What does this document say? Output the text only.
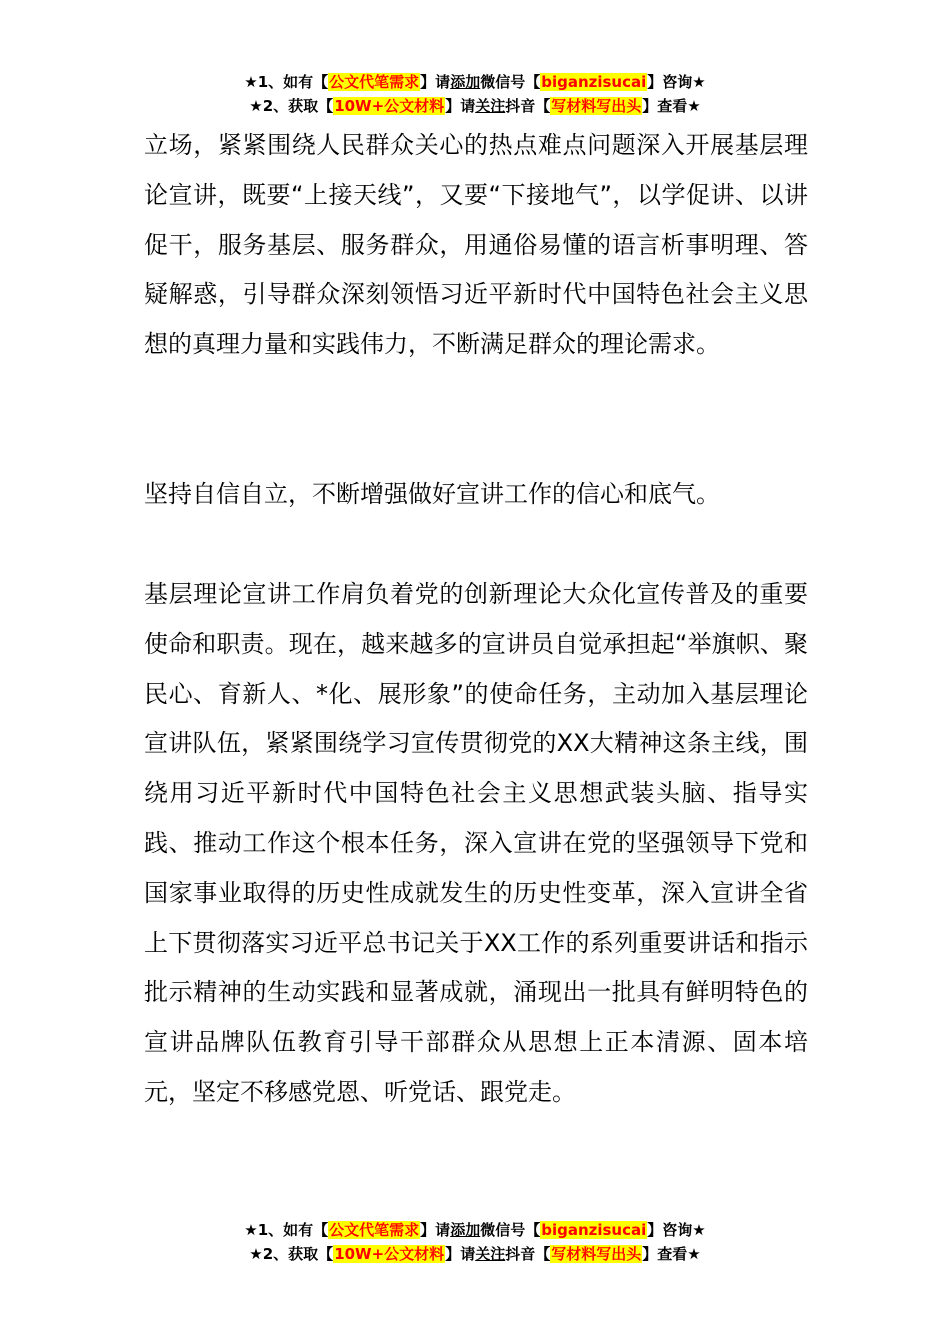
★1、如有【公文代笔需求】请添加微信号【biganzisucai】咨询★
★2、获取【10W+公文材料】请关注抖音【写材料写出头】查看★

立场，紧紧围绕人民群众关心的热点难点问题深入开展基层理论宣讲，既要“上接天线”，又要“下接地气”，以学促讲、以讲促干，服务基层、服务群众，用通俗易懂的语言析事明理、答疑解惑，引导群众深刻领悟习近平新时代中国特色社会主义思想的真理力量和实践伟力，不断满足群众的理论需求。

坚持自信自立，不断增强做好宣讲工作的信心和底气。

基层理论宣讲工作肩负着党的创新理论大众化宣传普及的重要使命和职责。现在，越来越多的宣讲员自觉承担起“举旗帜、聚民心、育新人、*化、展形象”的使命任务，主动加入基层理论宣讲队伍，紧紧围绕学习宣传贯彻党的XX大精神这条主线，围绕用习近平新时代中国特色社会主义思想武装头脑、指导实践、推动工作这个根本任务，深入宣讲在党的坚强领导下党和国家事业取得的历史性成就发生的历史性变革，深入宣讲全省上下贯彻落实习近平总书记关于XX工作的系列重要讲话和指示批示精神的生动实践和显著成就，涌现出一批具有鲜明特色的宣讲品牌队伍教育引导干部群众从思想上正本清源、固本培元，坚定不移感党恩、听党话、跟党走。

★1、如有【公文代笔需求】请添加微信号【biganzisucai】咨询★
★2、获取【10W+公文材料】请关注抖音【写材料写出头】查看★
